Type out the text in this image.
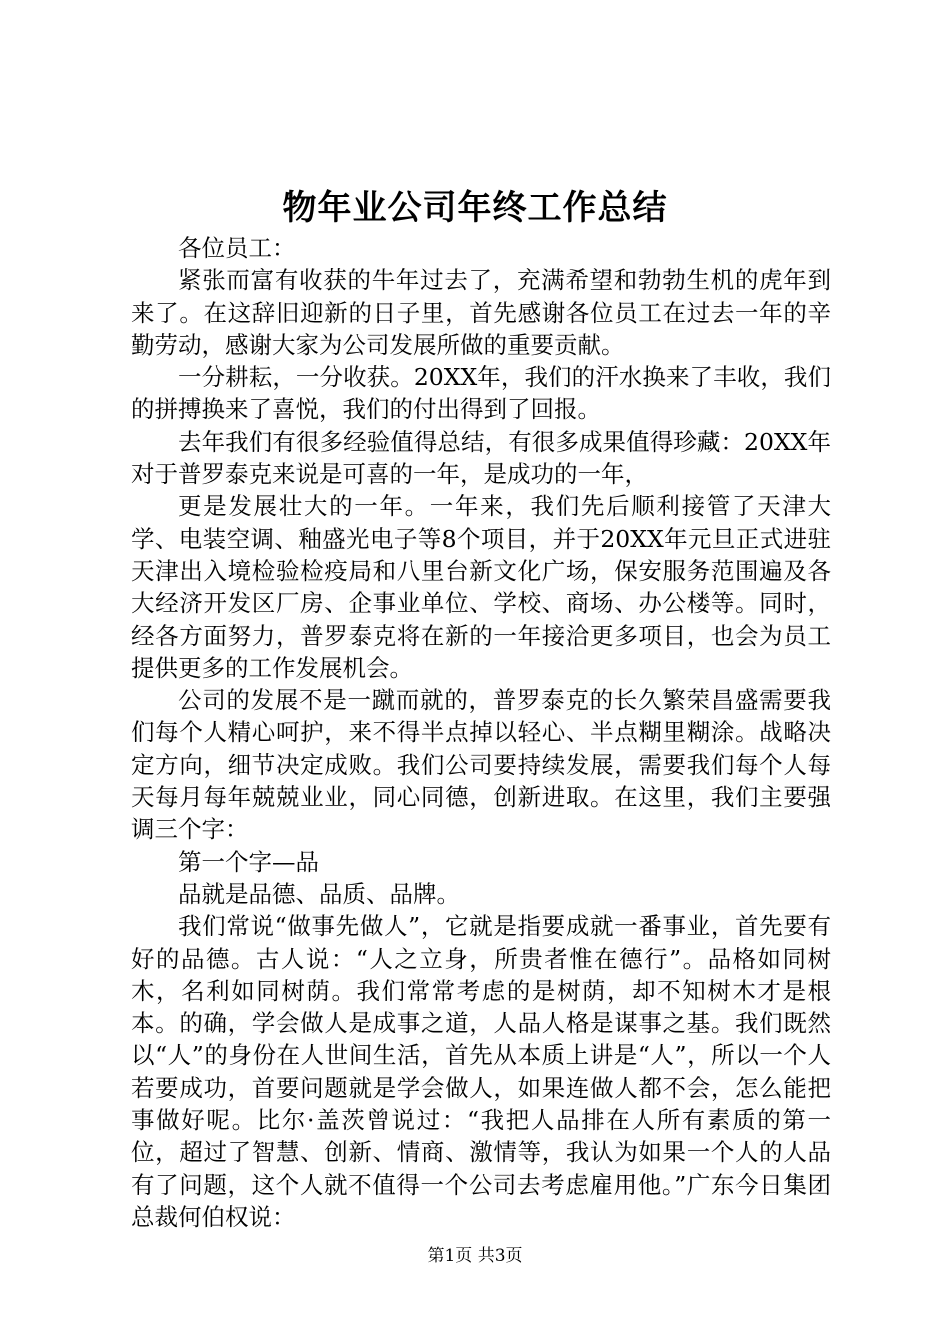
物年业公司年终工作总结

各位员工：

紧张而富有收获的牛年过去了，充满希望和勃勃生机的虎年到来了。在这辞旧迎新的日子里，首先感谢各位员工在过去一年的辛勤劳动，感谢大家为公司发展所做的重要贡献。

一分耕耘，一分收获。20XX年，我们的汗水换来了丰收，我们的拼搏换来了喜悦，我们的付出得到了回报。

去年我们有很多经验值得总结，有很多成果值得珍藏：20XX年对于普罗泰克来说是可喜的一年，是成功的一年，

更是发展壮大的一年。一年来，我们先后顺利接管了天津大学、电装空调、釉盛光电子等8个项目，并于20XX年元旦正式进驻天津出入境检验检疫局和八里台新文化广场，保安服务范围遍及各大经济开发区厂房、企事业单位、学校、商场、办公楼等。同时，经各方面努力，普罗泰克将在新的一年接洽更多项目，也会为员工提供更多的工作发展机会。

公司的发展不是一蹴而就的，普罗泰克的长久繁荣昌盛需要我们每个人精心呵护，来不得半点掉以轻心、半点糊里糊涂。战略决定方向，细节决定成败。我们公司要持续发展，需要我们每个人每天每月每年兢兢业业，同心同德，创新进取。在这里，我们主要强调三个字：

第一个字—品

品就是品德、品质、品牌。

我们常说“做事先做人”，它就是指要成就一番事业，首先要有好的品德。古人说：“人之立身，所贵者惟在德行”。品格如同树木，名利如同树荫。我们常常考虑的是树荫，却不知树木才是根本。的确，学会做人是成事之道，人品人格是谋事之基。我们既然以“人”的身份在人世间生活，首先从本质上讲是“人”，所以一个人若要成功，首要问题就是学会做人，如果连做人都不会，怎么能把事做好呢。比尔·盖茨曾说过：“我把人品排在人所有素质的第一位，超过了智慧、创新、情商、激情等，我认为如果一个人的人品有了问题，这个人就不值得一个公司去考虑雇用他。”广东今日集团总裁何伯权说：

第1页 共3页
